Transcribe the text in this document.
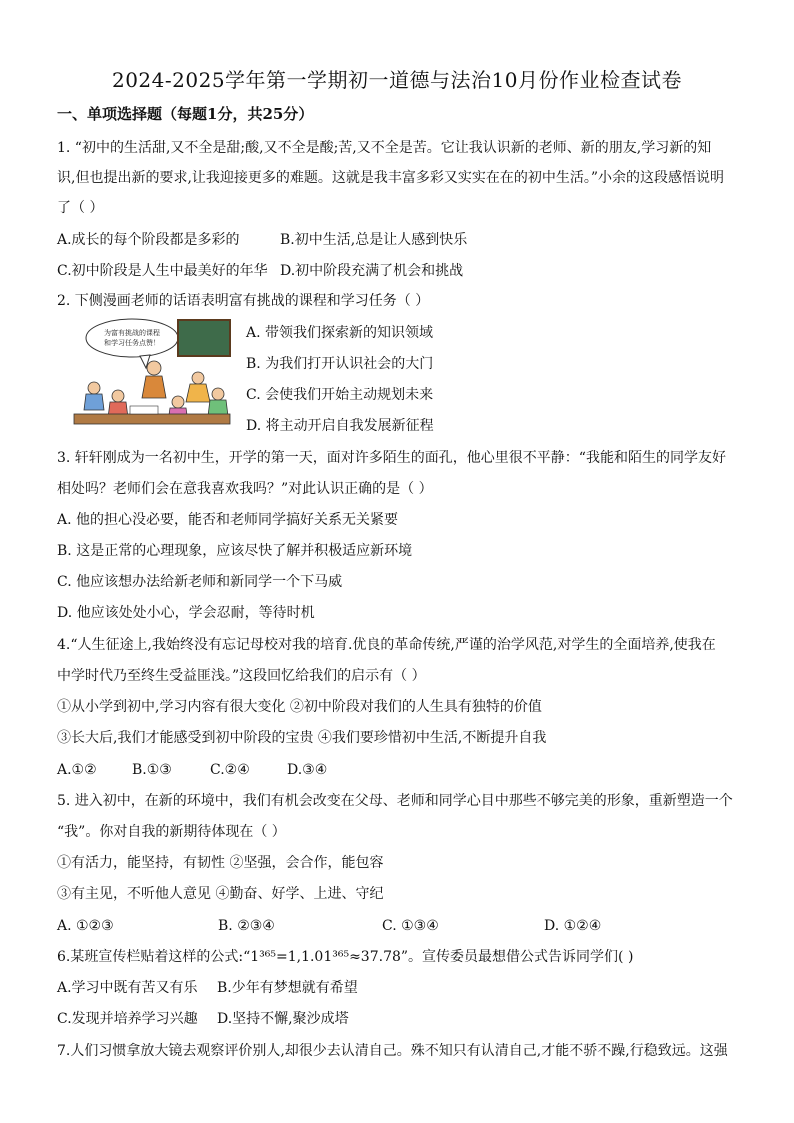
2024-2025学年第一学期初一道德与法治10月份作业检查试卷
一、单项选择题（每题1分，共25分）
1. “初中的生活甜,又不全是甜;酸,又不全是酸;苦,又不全是苦。它让我认识新的老师、新的朋友,学习新的知
识,但也提出新的要求,让我迎接更多的难题。这就是我丰富多彩又实实在在的初中生活。”小余的这段感悟说明
了（ ）
A.成长的每个阶段都是多彩的	B.初中生活,总是让人感到快乐
C.初中阶段是人生中最美好的年华 D.初中阶段充满了机会和挑战
2. 下侧漫画老师的话语表明富有挑战的课程和学习任务（ ）
为富有挑战的课程
和学习任务点赞！
A. 带领我们探索新的知识领域
B. 为我们打开认识社会的大门
C. 会使我们开始主动规划未来
D. 将主动开启自我发展新征程
3. 轩轩刚成为一名初中生，开学的第一天，面对许多陌生的面孔，他心里很不平静：“我能和陌生的同学友好
相处吗？老师们会在意我喜欢我吗？”对此认识正确的是（ ）
A. 他的担心没必要，能否和老师同学搞好关系无关紧要
B. 这是正常的心理现象，应该尽快了解并积极适应新环境
C. 他应该想办法给新老师和新同学一个下马威
D. 他应该处处小心，学会忍耐，等待时机
4.“人生征途上,我始终没有忘记母校对我的培育.优良的革命传统,严谨的治学风范,对学生的全面培养,使我在
中学时代乃至终生受益匪浅。”这段回忆给我们的启示有（ ）
①从小学到初中,学习内容有很大变化 ②初中阶段对我们的人生具有独特的价值
③长大后,我们才能感受到初中阶段的宝贵 ④我们要珍惜初中生活,不断提升自我
A.①②	B.①③	C.②④	D.③④
5. 进入初中，在新的环境中，我们有机会改变在父母、老师和同学心目中那些不够完美的形象，重新塑造一个
“我”。你对自我的新期待体现在（ ）
①有活力，能坚持，有韧性 ②坚强，会合作，能包容
③有主见，不听他人意见 ④勤奋、好学、上进、守纪
A. ①②③	B. ②③④	C. ①③④	D. ①②④
6.某班宣传栏贴着这样的公式:“1³⁶⁵=1,1.01³⁶⁵≈37.78”。宣传委员最想借公式告诉同学们( )
A.学习中既有苦又有乐 B.少年有梦想就有希望
C.发现并培养学习兴趣 D.坚持不懈,聚沙成塔
7.人们习惯拿放大镜去观察评价别人,却很少去认清自己。殊不知只有认清自己,才能不骄不躁,行稳致远。这强
